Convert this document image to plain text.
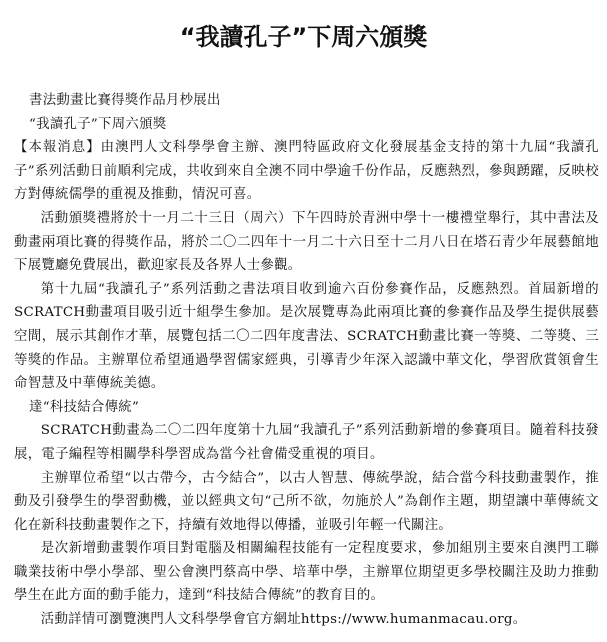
“我讀孔子”下周六頒獎

書法動畫比賽得獎作品月杪展出

“我讀孔子”下周六頒獎

【本報消息】由澳門人文科學學會主辦、澳門特區政府文化發展基金支持的第十九屆“我讀孔子”系列活動日前順利完成，共收到來自全澳不同中學逾千份作品，反應熱烈，參與踴躍，反映校方對傳統儒學的重視及推動，情況可喜。

活動頒獎禮將於十一月二十三日（周六）下午四時於青洲中學十一樓禮堂舉行，其中書法及動畫兩項比賽的得獎作品，將於二〇二四年十一月二十六日至十二月八日在塔石青少年展藝館地下展覽廳免費展出，歡迎家長及各界人士參觀。

第十九屆“我讀孔子”系列活動之書法項目收到逾六百份參賽作品，反應熱烈。首屆新增的SCRATCH動畫項目吸引近十組學生參加。是次展覽專為此兩項比賽的參賽作品及學生提供展藝空間，展示其創作才華，展覽包括二〇二四年度書法、SCRATCH動畫比賽一等獎、二等獎、三等獎的作品。主辦單位希望通過學習儒家經典，引導青少年深入認識中華文化，學習欣賞領會生命智慧及中華傳統美德。

達“科技結合傳統”

SCRATCH動畫為二〇二四年度第十九屆“我讀孔子”系列活動新增的參賽項目。隨着科技發展，電子編程等相關學科學習成為當今社會備受重視的項目。

主辦單位希望“以古帶今，古今結合”，以古人智慧、傳統學說，結合當今科技動畫製作，推動及引發學生的學習動機，並以經典文句“己所不欲，勿施於人”為創作主題，期望讓中華傳統文化在新科技動畫製作之下，持續有效地得以傳播，並吸引年輕一代關注。

是次新增動畫製作項目對電腦及相關編程技能有一定程度要求，參加組別主要來自澳門工聯職業技術中學小學部、聖公會澳門蔡高中學、培華中學，主辦單位期望更多學校關注及助力推動學生在此方面的動手能力，達到“科技結合傳統”的教育目的。

活動詳情可瀏覽澳門人文科學學會官方網址https://www.humanmacau.org。
